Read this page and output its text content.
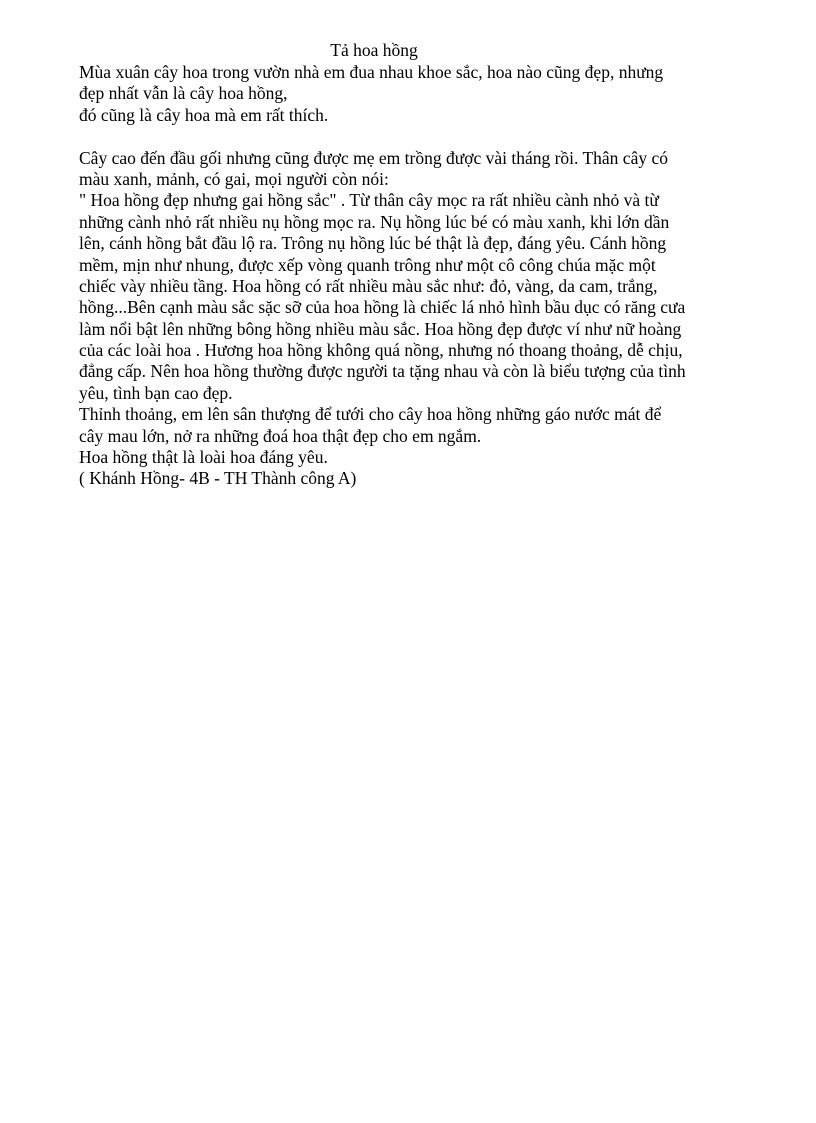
Tả hoa hồng
Mùa xuân cây hoa trong vườn nhà em đua nhau khoe sắc, hoa nào cũng đẹp, nhưng
đẹp nhất vẫn là cây hoa hồng,
đó cũng là cây hoa mà em rất thích.
Cây cao đến đầu gối nhưng cũng được mẹ em trồng được vài tháng rồi. Thân cây có
màu xanh, mảnh, có gai, mọi người còn nói:
" Hoa hồng đẹp nhưng gai hồng sắc" . Từ thân cây mọc ra rất nhiều cành nhỏ và từ
những cành nhỏ rất nhiều nụ hồng mọc ra. Nụ hồng lúc bé có màu xanh, khi lớn dần
lên, cánh hồng bắt đầu lộ ra. Trông nụ hồng lúc bé thật là đẹp, đáng yêu. Cánh hồng
mềm, mịn như nhung, được xếp vòng quanh trông như một cô công chúa mặc một
chiếc vày nhiều tầng. Hoa hồng có rất nhiều màu sắc như: đỏ, vàng, da cam, trắng,
hồng...Bên cạnh màu sắc sặc sỡ của hoa hồng là chiếc lá nhỏ hình bầu dục có răng cưa
làm nổi bật lên những bông hồng nhiều màu sắc. Hoa hồng đẹp được ví như nữ hoàng
của các loài hoa . Hương hoa hồng không quá nồng, nhưng nó thoang thoảng, dễ chịu,
đẳng cấp. Nên hoa hồng thường được người ta tặng nhau và còn là biểu tượng của tình
yêu, tình bạn cao đẹp.
Thỉnh thoảng, em lên sân thượng để tưới cho cây hoa hồng những gáo nước mát để
cây mau lớn, nở ra những đoá hoa thật đẹp cho em ngắm.
Hoa hồng thật là loài hoa đáng yêu.
( Khánh Hồng- 4B - TH Thành công A)
